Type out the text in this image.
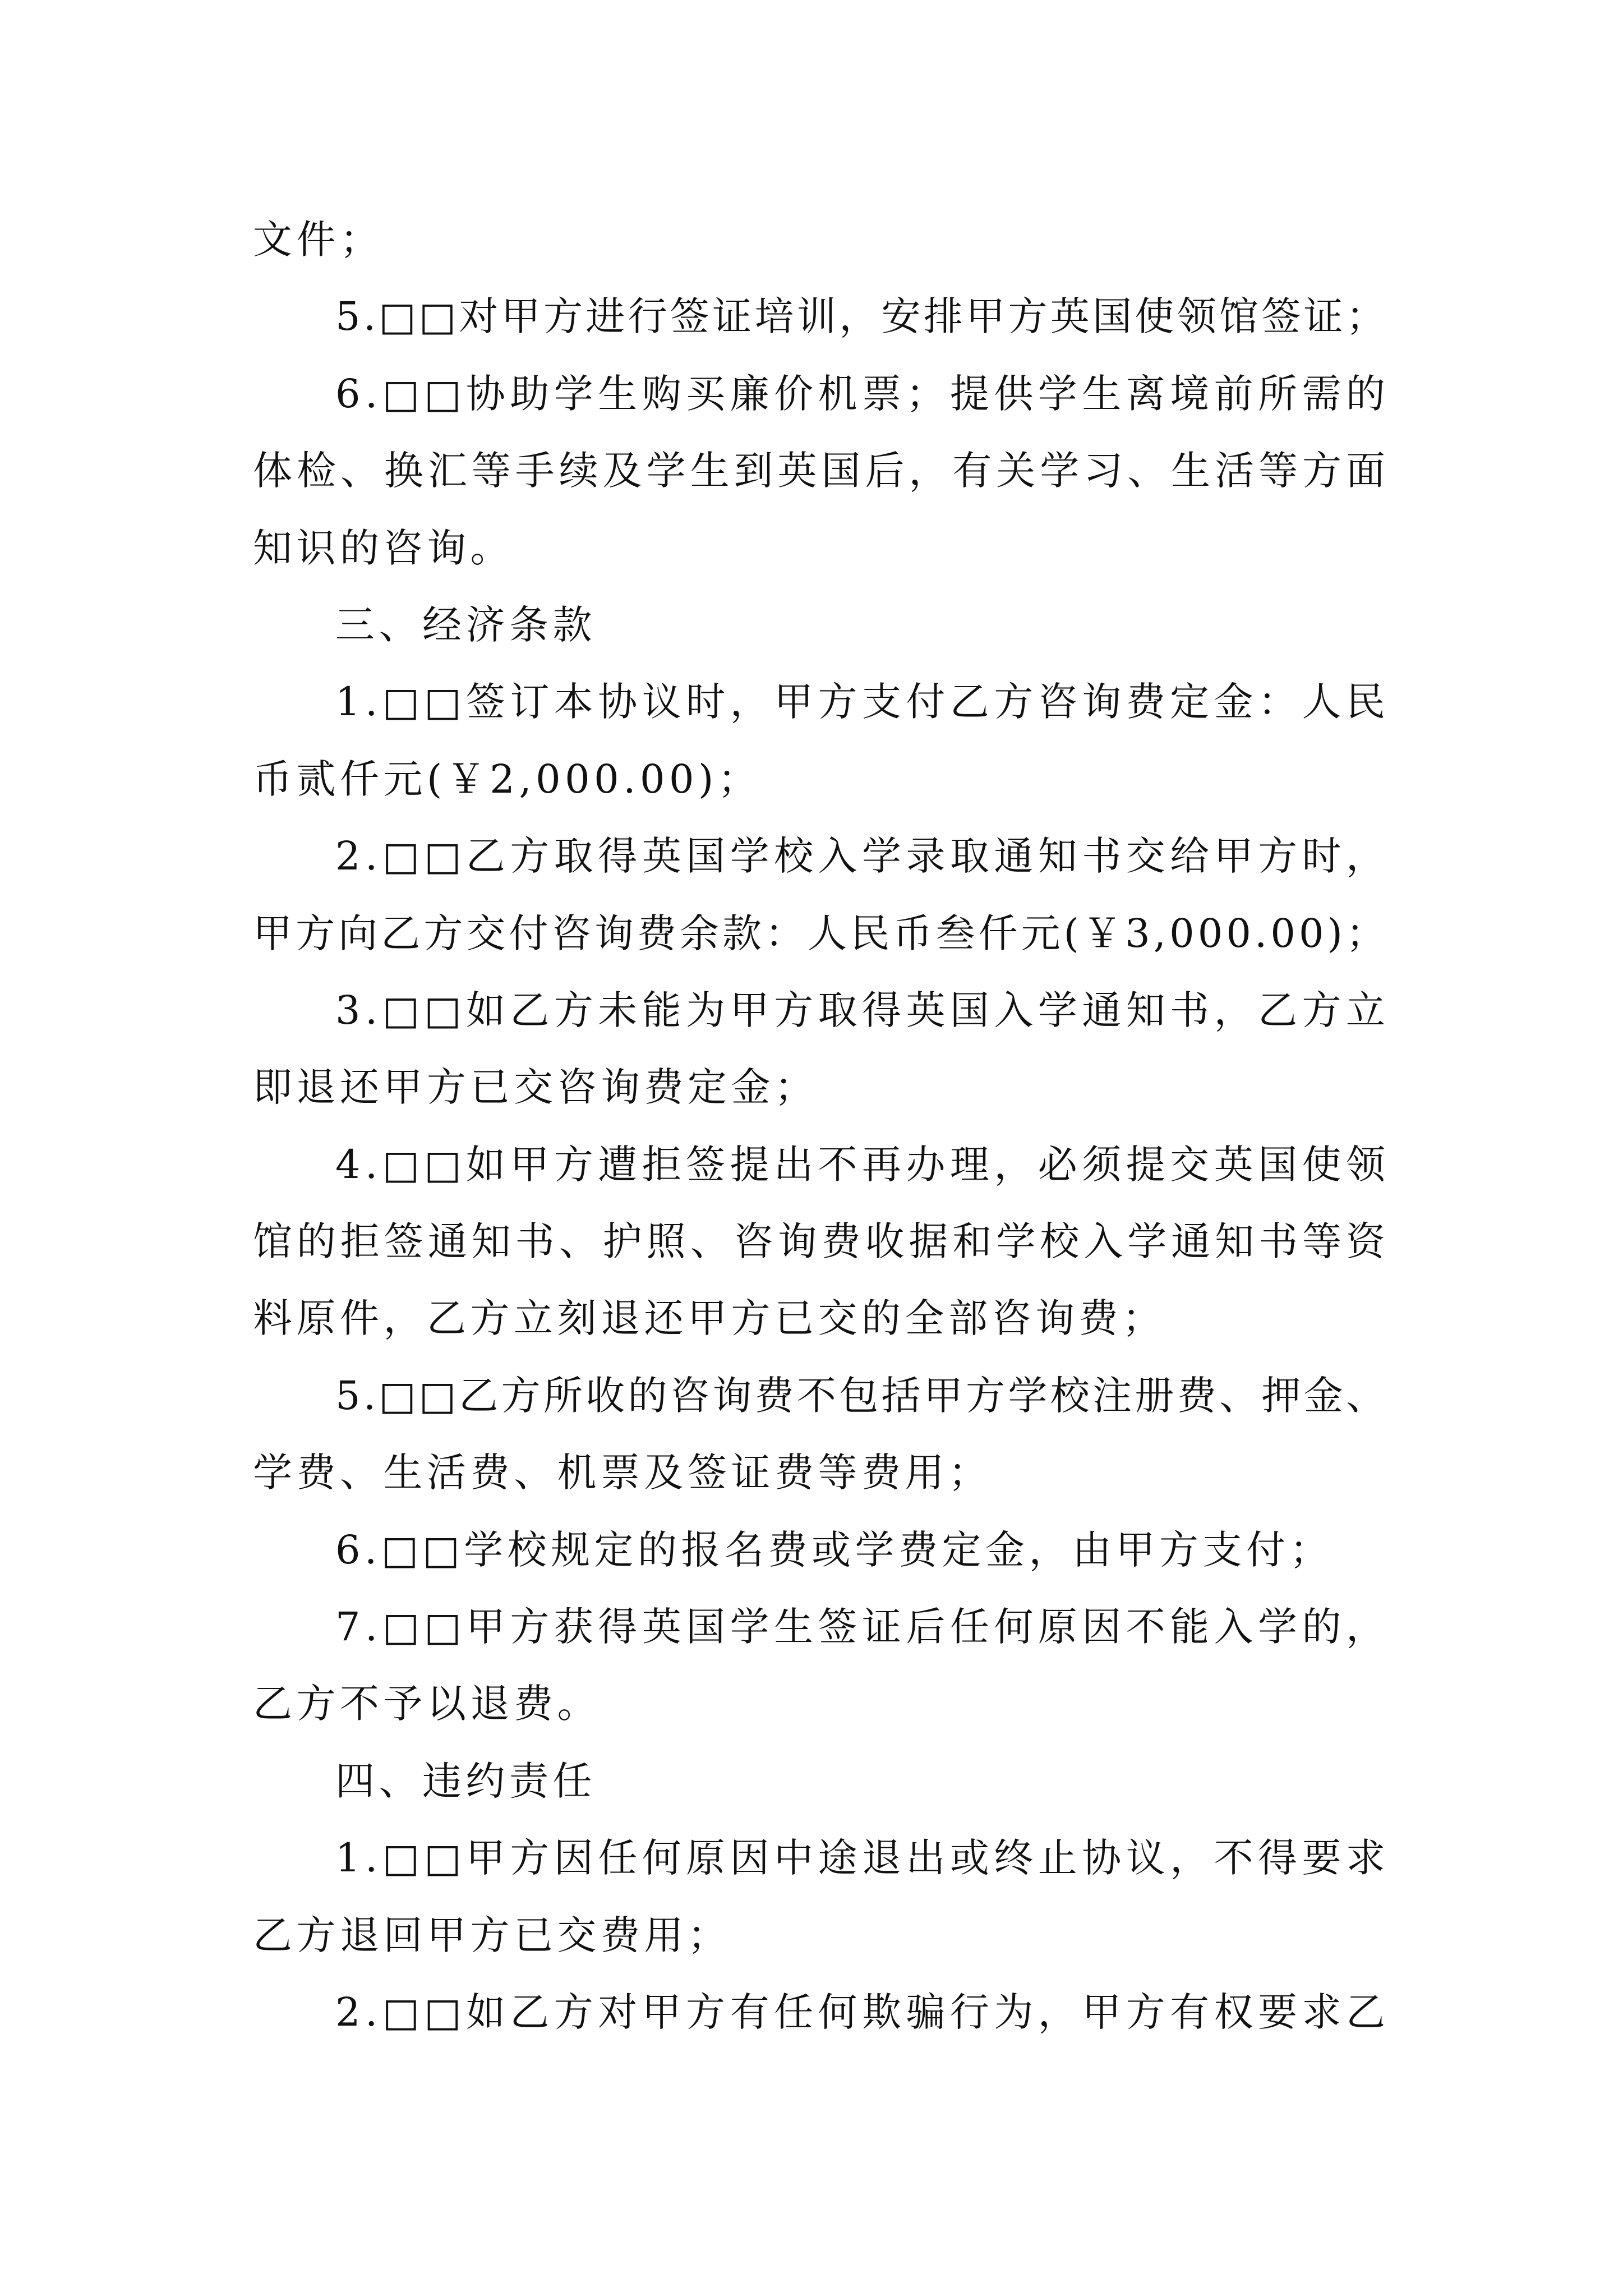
文件；
5.□□对甲方进行签证培训，安排甲方英国使领馆签证；
6.□□协助学生购买廉价机票；提供学生离境前所需的
体检、换汇等手续及学生到英国后，有关学习、生活等方面
知识的咨询。
三、经济条款
1.□□签订本协议时，甲方支付乙方咨询费定金：人民
币贰仟元(￥2,000.00)；
2.□□乙方取得英国学校入学录取通知书交给甲方时，
甲方向乙方交付咨询费余款：人民币叁仟元(￥3,000.00)；
3.□□如乙方未能为甲方取得英国入学通知书，乙方立
即退还甲方已交咨询费定金；
4.□□如甲方遭拒签提出不再办理，必须提交英国使领
馆的拒签通知书、护照、咨询费收据和学校入学通知书等资
料原件，乙方立刻退还甲方已交的全部咨询费；
5.□□乙方所收的咨询费不包括甲方学校注册费、押金、
学费、生活费、机票及签证费等费用；
6.□□学校规定的报名费或学费定金，由甲方支付；
7.□□甲方获得英国学生签证后任何原因不能入学的，
乙方不予以退费。
四、违约责任
1.□□甲方因任何原因中途退出或终止协议，不得要求
乙方退回甲方已交费用；
2.□□如乙方对甲方有任何欺骗行为，甲方有权要求乙
